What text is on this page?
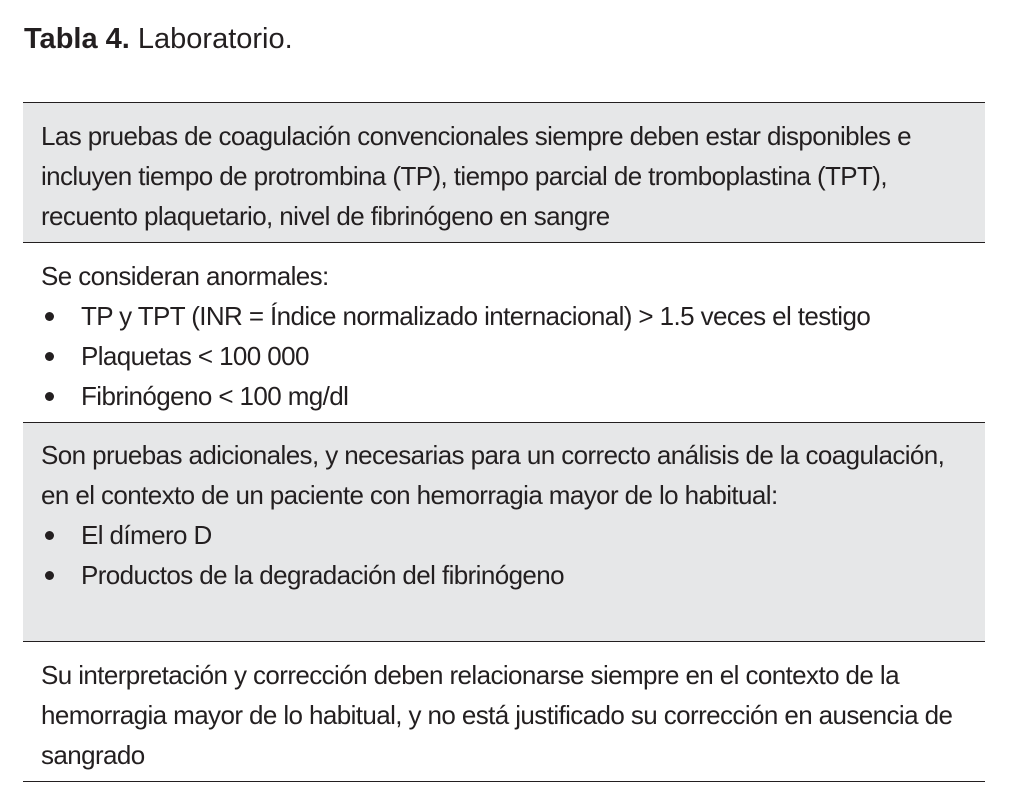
Tabla 4. Laboratorio.

Las pruebas de coagulación convencionales siempre deben estar disponibles e incluyen tiempo de protrombina (TP), tiempo parcial de tromboplastina (TPT), recuento plaquetario, nivel de fibrinógeno en sangre

Se consideran anormales:

TP y TPT (INR = Índice normalizado internacional) > 1.5 veces el testigo
Plaquetas < 100 000
Fibrinógeno < 100 mg/dl

Son pruebas adicionales, y necesarias para un correcto análisis de la coagulación, en el contexto de un paciente con hemorragia mayor de lo habitual:

El dímero D
Productos de la degradación del fibrinógeno

Su interpretación y corrección deben relacionarse siempre en el contexto de la hemorragia mayor de lo habitual, y no está justificado su corrección en ausencia de sangrado
